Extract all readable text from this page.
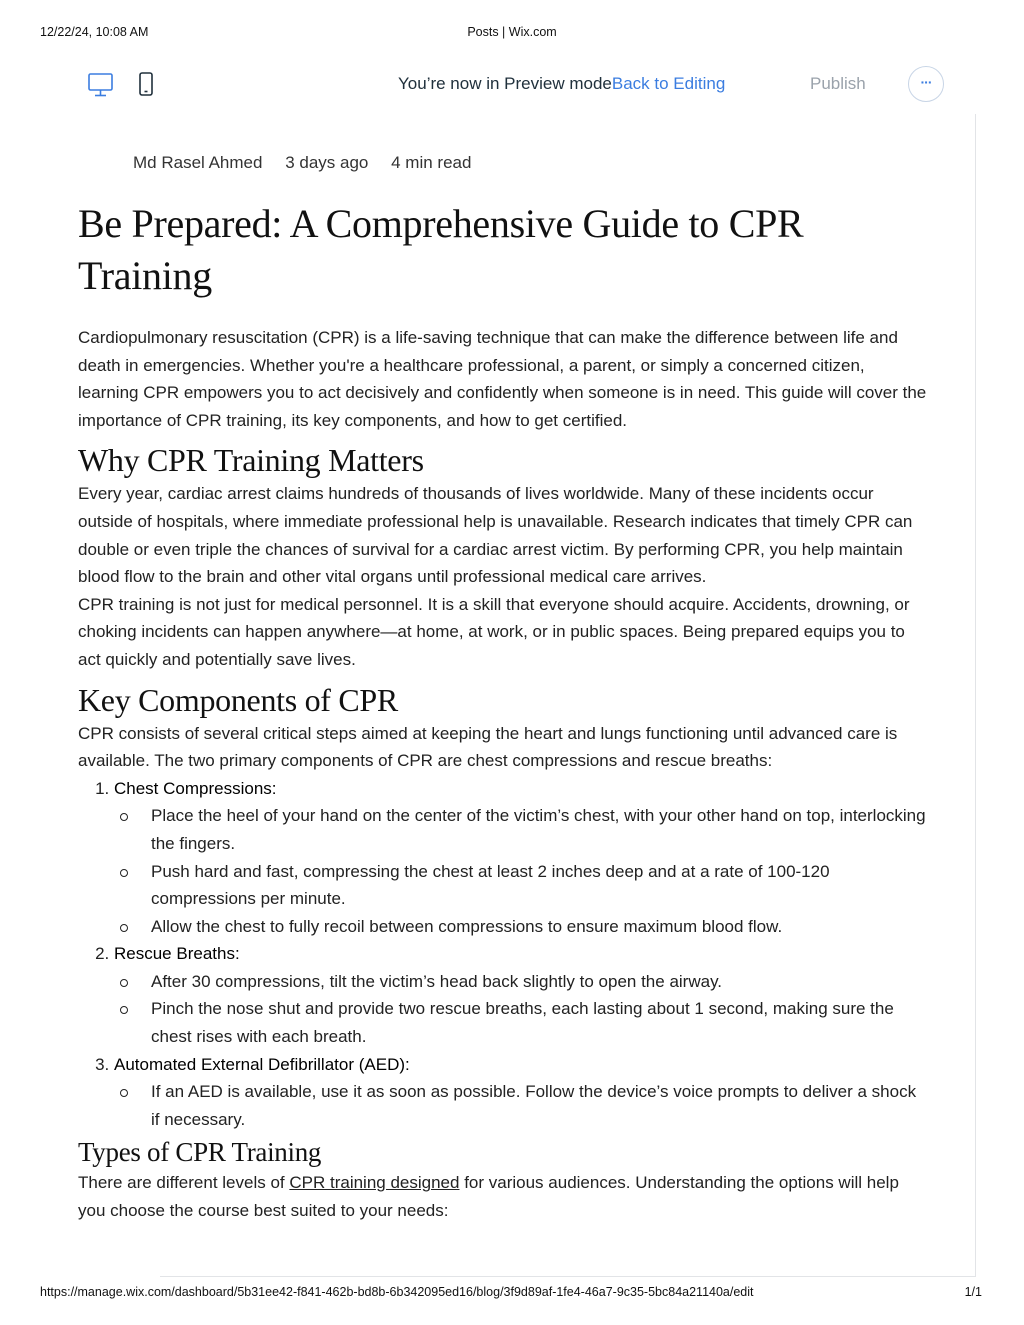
12/22/24, 10:08 AM	Posts | Wix.com
You’re now in Preview modeBack to Editing	Publish	···
Md Rasel Ahmed 3 days ago 4 min read
Be Prepared: A Comprehensive Guide to CPR Training

Cardiopulmonary resuscitation (CPR) is a life-saving technique that can make the difference between life and death in emergencies. Whether you're a healthcare professional, a parent, or simply a concerned citizen, learning CPR empowers you to act decisively and confidently when someone is in need. This guide will cover the importance of CPR training, its key components, and how to get certified.

Why CPR Training Matters

Every year, cardiac arrest claims hundreds of thousands of lives worldwide. Many of these incidents occur outside of hospitals, where immediate professional help is unavailable. Research indicates that timely CPR can double or even triple the chances of survival for a cardiac arrest victim. By performing CPR, you help maintain blood flow to the brain and other vital organs until professional medical care arrives.

CPR training is not just for medical personnel. It is a skill that everyone should acquire. Accidents, drowning, or choking incidents can happen anywhere—at home, at work, or in public spaces. Being prepared equips you to act quickly and potentially save lives.

Key Components of CPR

CPR consists of several critical steps aimed at keeping the heart and lungs functioning until advanced care is available. The two primary components of CPR are chest compressions and rescue breaths:

1. Chest Compressions:
Place the heel of your hand on the center of the victim’s chest, with your other hand on top, interlocking the fingers.
Push hard and fast, compressing the chest at least 2 inches deep and at a rate of 100-120 compressions per minute.
Allow the chest to fully recoil between compressions to ensure maximum blood flow.
2. Rescue Breaths:
After 30 compressions, tilt the victim’s head back slightly to open the airway.
Pinch the nose shut and provide two rescue breaths, each lasting about 1 second, making sure the chest rises with each breath.
3. Automated External Defibrillator (AED):
If an AED is available, use it as soon as possible. Follow the device’s voice prompts to deliver a shock if necessary.
Types of CPR Training

There are different levels of CPR training designed for various audiences. Understanding the options will help you choose the course best suited to your needs:

https://manage.wix.com/dashboard/5b31ee42-f841-462b-bd8b-6b342095ed16/blog/3f9d89af-1fe4-46a7-9c35-5bc84a21140a/edit	1/1
